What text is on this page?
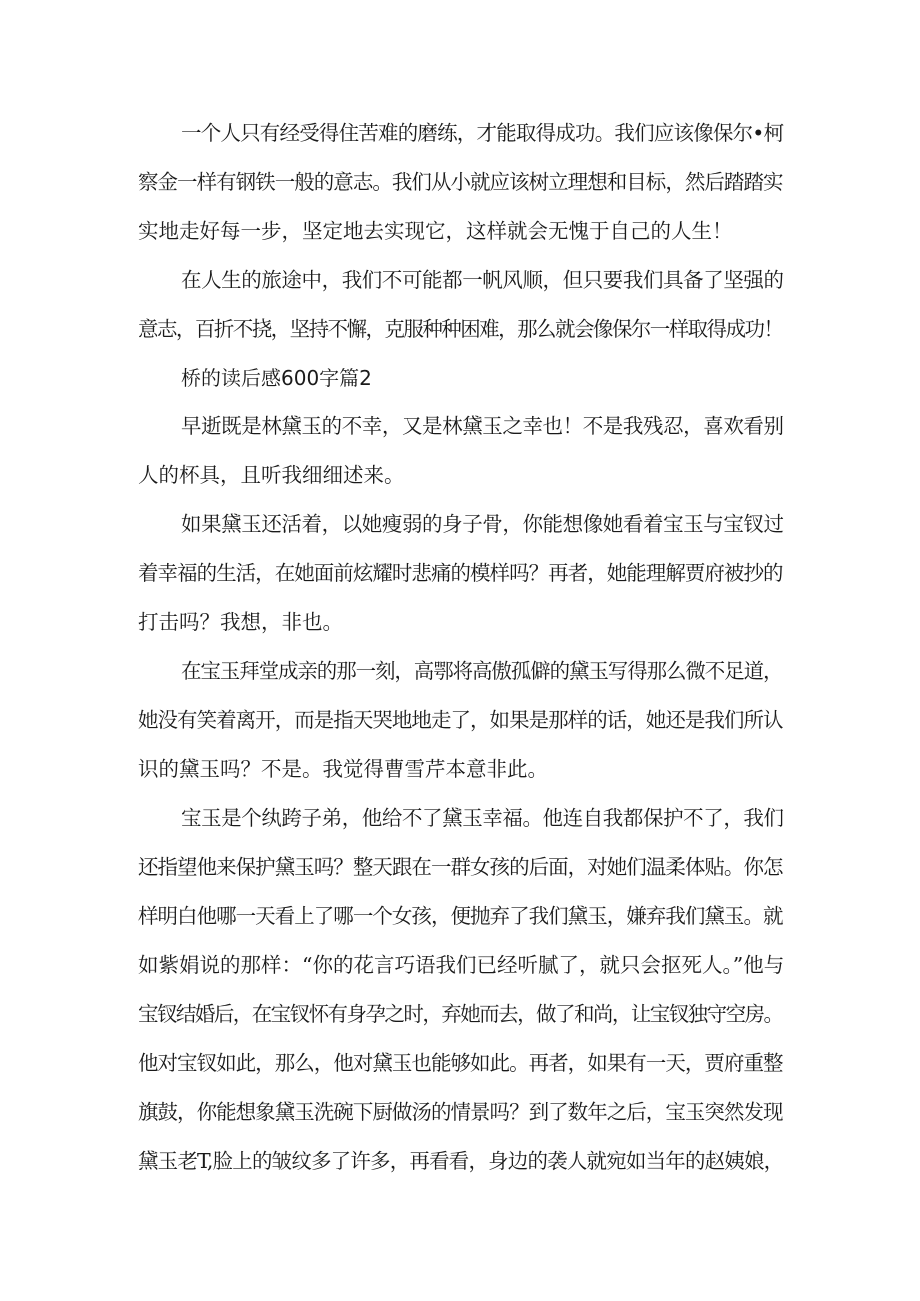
一个人只有经受得住苦难的磨练，才能取得成功。我们应该像保尔•柯

察金一样有钢铁一般的意志。我们从小就应该树立理想和目标，然后踏踏实

实地走好每一步，坚定地去实现它，这样就会无愧于自己的人生！

在人生的旅途中，我们不可能都一帆风顺，但只要我们具备了坚强的

意志，百折不挠，坚持不懈，克服种种困难，那么就会像保尔一样取得成功！

桥的读后感600字篇2

早逝既是林黛玉的不幸，又是林黛玉之幸也！不是我残忍，喜欢看别

人的杯具，且听我细细述来。

如果黛玉还活着，以她瘦弱的身子骨，你能想像她看着宝玉与宝钗过

着幸福的生活，在她面前炫耀时悲痛的模样吗？再者，她能理解贾府被抄的

打击吗？我想，非也。

在宝玉拜堂成亲的那一刻，高鄂将高傲孤僻的黛玉写得那么微不足道，

她没有笑着离开，而是指天哭地地走了，如果是那样的话，她还是我们所认

识的黛玉吗？不是。我觉得曹雪芹本意非此。

宝玉是个纨跨子弟，他给不了黛玉幸福。他连自我都保护不了，我们

还指望他来保护黛玉吗？整天跟在一群女孩的后面，对她们温柔体贴。你怎

样明白他哪一天看上了哪一个女孩，便抛弃了我们黛玉，嫌弃我们黛玉。就

如紫娟说的那样：“你的花言巧语我们已经听腻了，就只会抠死人。”他与

宝钗结婚后，在宝钗怀有身孕之时，弃她而去，做了和尚，让宝钗独守空房。

他对宝钗如此，那么，他对黛玉也能够如此。再者，如果有一天，贾府重整

旗鼓，你能想象黛玉洗碗下厨做汤的情景吗？到了数年之后，宝玉突然发现

黛玉老T,脸上的皱纹多了许多，再看看，身边的袭人就宛如当年的赵姨娘，
